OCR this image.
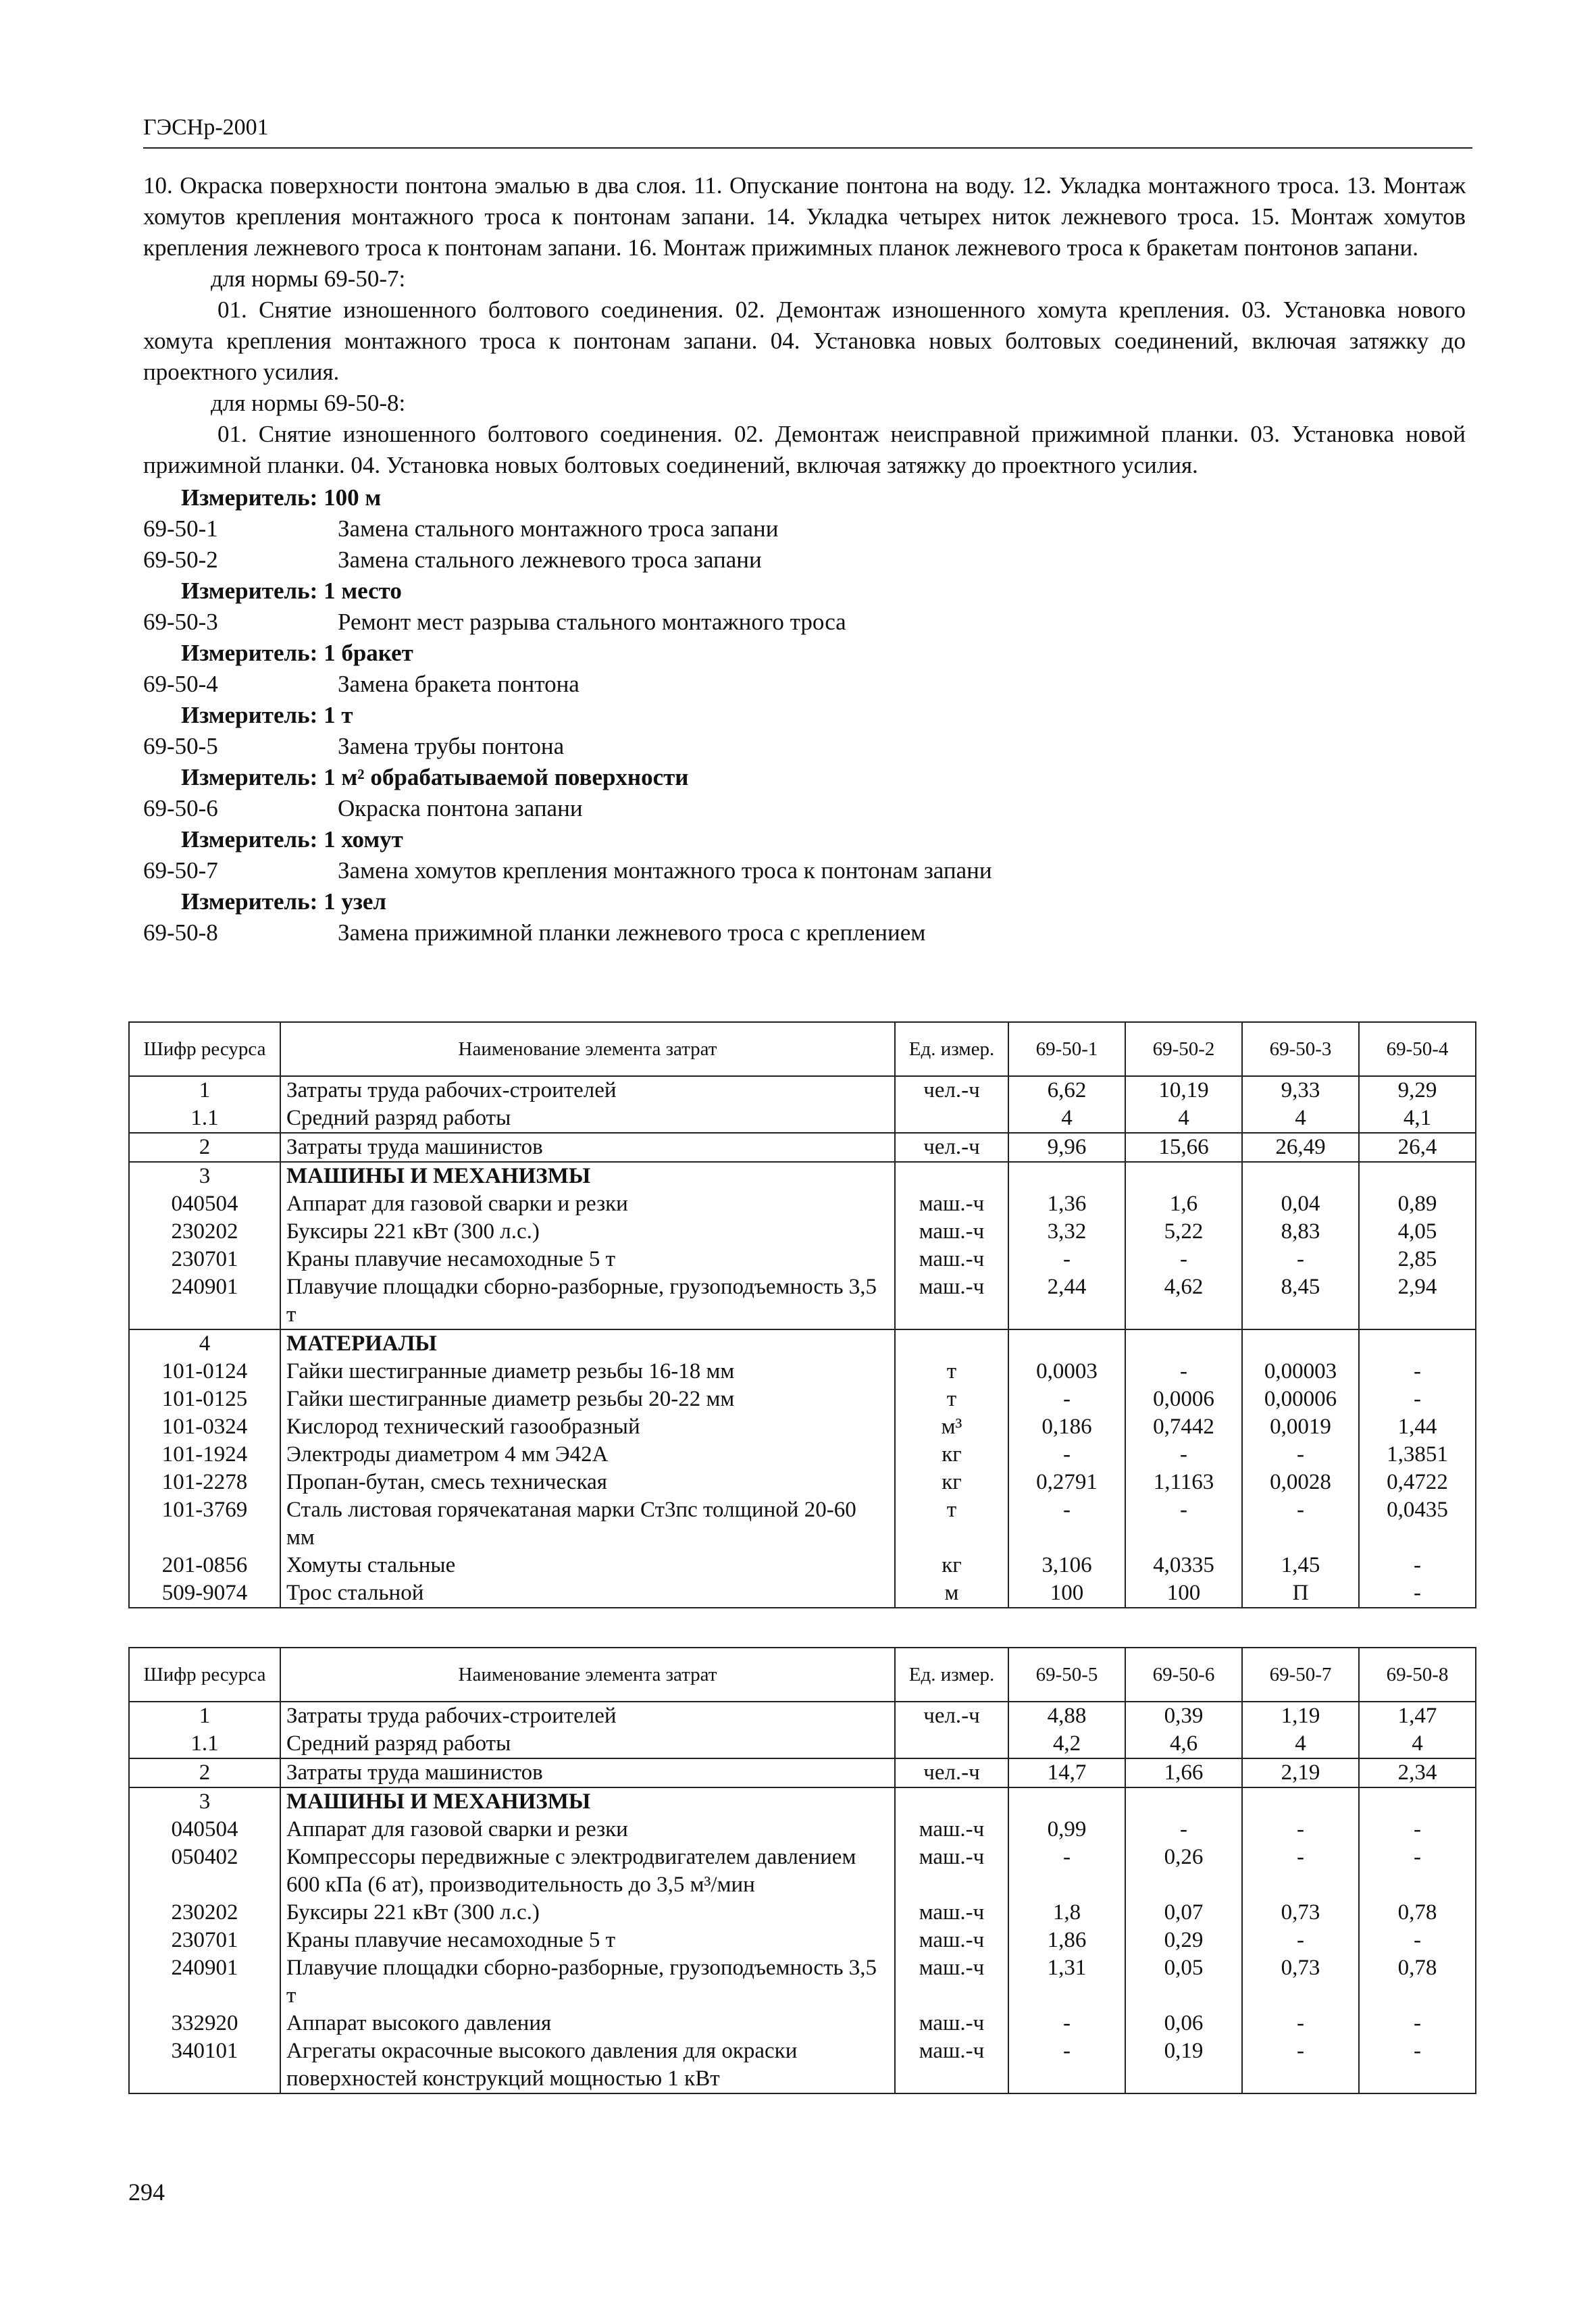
ГЭСНр-2001

10. Окраска поверхности понтона эмалью в два слоя. 11. Опускание понтона на воду. 12. Укладка монтажного троса. 13. Монтаж хомутов крепления монтажного троса к понтонам запани. 14. Укладка четырех ниток лежневого троса. 15. Монтаж хомутов крепления лежневого троса к понтонам запани. 16. Монтаж прижимных планок лежневого троса к бракетам понтонов запани.

для нормы 69-50-7:

01. Снятие изношенного болтового соединения. 02. Демонтаж изношенного хомута крепления. 03. Установка нового хомута крепления монтажного троса к понтонам запани. 04. Установка новых болтовых соединений, включая затяжку до проектного усилия.

для нормы 69-50-8:

01. Снятие изношенного болтового соединения. 02. Демонтаж неисправной прижимной планки. 03. Установка новой прижимной планки. 04. Установка новых болтовых соединений, включая затяжку до проектного усилия.

Измеритель: 100 м
69-50-1	Замена стального монтажного троса запани
69-50-2	Замена стального лежневого троса запани
Измеритель: 1 место
69-50-3	Ремонт мест разрыва стального монтажного троса
Измеритель: 1 бракет
69-50-4	Замена бракета понтона
Измеритель: 1 т
69-50-5	Замена трубы понтона
Измеритель: 1 м² обрабатываемой поверхности
69-50-6	Окраска понтона запани
Измеритель: 1 хомут
69-50-7	Замена хомутов крепления монтажного троса к понтонам запани
Измеритель: 1 узел
69-50-8	Замена прижимной планки лежневого троса с креплением
Шифр ресурса	Наименование элемента затрат	Ед. измер.	69-50-1	69-50-2	69-50-3	69-50-4
1	Затраты труда рабочих-строителей	чел.-ч	6,62	10,19	9,33	9,29
1.1	Средний разряд работы		4	4	4	4,1
2	Затраты труда машинистов	чел.-ч	9,96	15,66	26,49	26,4
3	МАШИНЫ И МЕХАНИЗМЫ					
040504	Аппарат для газовой сварки и резки	маш.-ч	1,36	1,6	0,04	0,89
230202	Буксиры 221 кВт (300 л.с.)	маш.-ч	3,32	5,22	8,83	4,05
230701	Краны плавучие несамоходные 5 т	маш.-ч	-	-	-	2,85
240901	Плавучие площадки сборно-разборные, грузоподъемность 3,5 т	маш.-ч	2,44	4,62	8,45	2,94
4	МАТЕРИАЛЫ					
101-0124	Гайки шестигранные диаметр резьбы 16-18 мм	т	0,0003	-	0,00003	-
101-0125	Гайки шестигранные диаметр резьбы 20-22 мм	т	-	0,0006	0,00006	-
101-0324	Кислород технический газообразный	м³	0,186	0,7442	0,0019	1,44
101-1924	Электроды диаметром 4 мм Э42А	кг	-	-	-	1,3851
101-2278	Пропан-бутан, смесь техническая	кг	0,2791	1,1163	0,0028	0,4722
101-3769	Сталь листовая горячекатаная марки Ст3пс толщиной 20-60 мм	т	-	-	-	0,0435
201-0856	Хомуты стальные	кг	3,106	4,0335	1,45	-
509-9074	Трос стальной	м	100	100	П	-
Шифр ресурса	Наименование элемента затрат	Ед. измер.	69-50-5	69-50-6	69-50-7	69-50-8
1	Затраты труда рабочих-строителей	чел.-ч	4,88	0,39	1,19	1,47
1.1	Средний разряд работы		4,2	4,6	4	4
2	Затраты труда машинистов	чел.-ч	14,7	1,66	2,19	2,34
3	МАШИНЫ И МЕХАНИЗМЫ					
040504	Аппарат для газовой сварки и резки	маш.-ч	0,99	-	-	-
050402	Компрессоры передвижные с электродвигателем давлением 600 кПа (6 ат), производительность до 3,5 м³/мин	маш.-ч	-	0,26	-	-
230202	Буксиры 221 кВт (300 л.с.)	маш.-ч	1,8	0,07	0,73	0,78
230701	Краны плавучие несамоходные 5 т	маш.-ч	1,86	0,29	-	-
240901	Плавучие площадки сборно-разборные, грузоподъемность 3,5 т	маш.-ч	1,31	0,05	0,73	0,78
332920	Аппарат высокого давления	маш.-ч	-	0,06	-	-
340101	Агрегаты окрасочные высокого давления для окраски поверхностей конструкций мощностью 1 кВт	маш.-ч	-	0,19	-	-
294
